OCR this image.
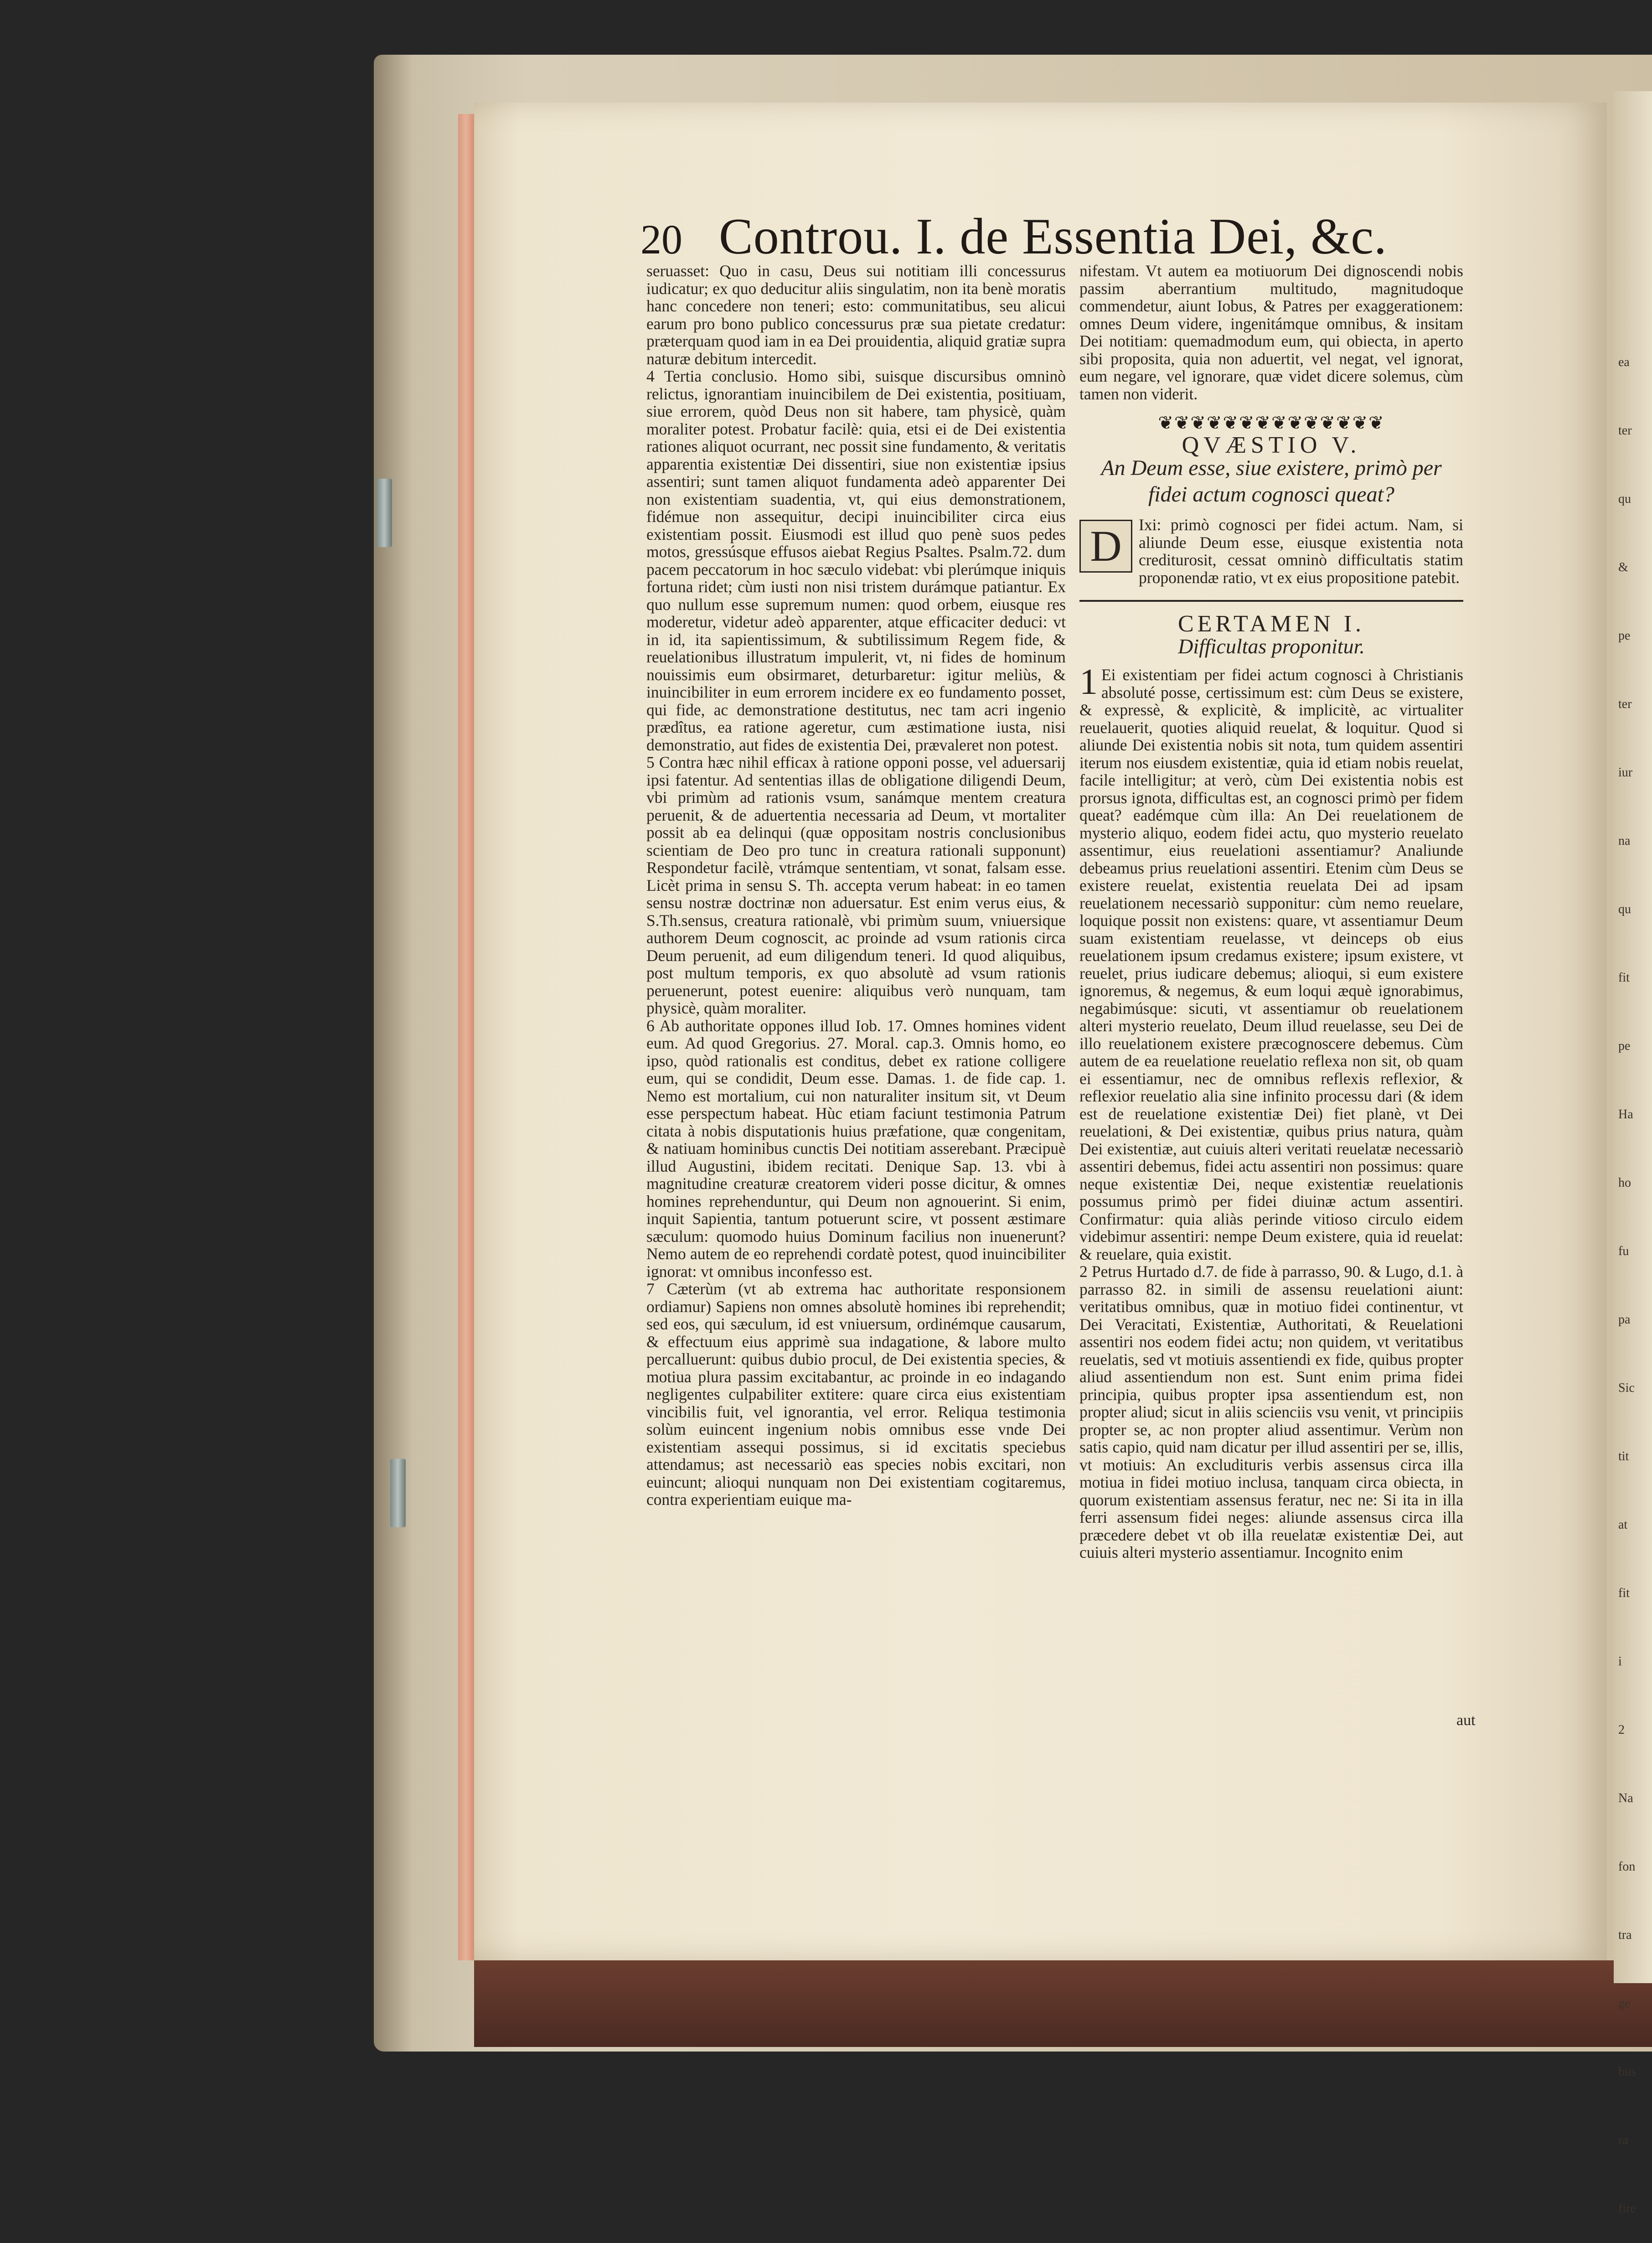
ea
ter
qu
&
pe
ter
iur
na
qu
fit
pe
Ha
ho
fu
pa
Sic
tit
at
fit
i
2
Na
fon
tra
ge
bus
ra
fire
20 Controu. I. de Essentia Dei, &c.

seruasset: Quo in casu, Deus sui notitiam illi concessurus iudicatur; ex quo deducitur aliis singulatim, non ita benè moratis hanc concedere non teneri; esto: communitatibus, seu alicui earum pro bono publico concessurus præ sua pietate credatur: præterquam quod iam in ea Dei prouidentia, aliquid gratiæ supra naturæ debitum intercedit.

4 Tertia conclusio. Homo sibi, suisque discursibus omninò relictus, ignorantiam inuincibilem de Dei existentia, positiuam, siue errorem, quòd Deus non sit habere, tam physicè, quàm moraliter potest. Probatur facilè: quia, etsi ei de Dei existentia rationes aliquot ocurrant, nec possit sine fundamento, & veritatis apparentia existentiæ Dei dissentiri, siue non existentiæ ipsius assentiri; sunt tamen aliquot fundamenta adeò apparenter Dei non existentiam suadentia, vt, qui eius demonstrationem, fidémue non assequitur, decipi inuincibiliter circa eius existentiam possit. Eiusmodi est illud quo penè suos pedes motos, gressúsque effusos aiebat Regius Psaltes. Psalm.72. dum pacem peccatorum in hoc sæculo videbat: vbi plerúmque iniquis fortuna ridet; cùm iusti non nisi tristem durámque patiantur. Ex quo nullum esse supremum numen: quod orbem, eiusque res moderetur, videtur adeò apparenter, atque efficaciter deduci: vt in id, ita sapientissimum, & subtilissimum Regem fide, & reuelationibus illustratum impulerit, vt, ni fides de hominum nouissimis eum obsirmaret, deturbaretur: igitur meliùs, & inuincibiliter in eum errorem incidere ex eo fundamento posset, qui fide, ac demonstratione destitutus, nec tam acri ingenio prædîtus, ea ratione ageretur, cum æstimatione iusta, nisi demonstratio, aut fides de existentia Dei, prævaleret non potest.

5 Contra hæc nihil efficax à ratione opponi posse, vel aduersarij ipsi fatentur. Ad sententias illas de obligatione diligendi Deum, vbi primùm ad rationis vsum, sanámque mentem creatura peruenit, & de aduertentia necessaria ad Deum, vt mortaliter possit ab ea delinqui (quæ oppositam nostris conclusionibus scientiam de Deo pro tunc in creatura rationali supponunt) Respondetur facilè, vtrámque sententiam, vt sonat, falsam esse. Licèt prima in sensu S. Th. accepta verum habeat: in eo tamen sensu nostræ doctrinæ non aduersatur. Est enim verus eius, & S.Th.sensus, creatura rationalè, vbi primùm suum, vniuersique authorem Deum cognoscit, ac proinde ad vsum rationis circa Deum peruenit, ad eum diligendum teneri. Id quod aliquibus, post multum temporis, ex quo absolutè ad vsum rationis peruenerunt, potest euenire: aliquibus verò nunquam, tam physicè, quàm moraliter.

6 Ab authoritate oppones illud Iob. 17. Omnes homines vident eum. Ad quod Gregorius. 27. Moral. cap.3. Omnis homo, eo ipso, quòd rationalis est conditus, debet ex ratione colligere eum, qui se condidit, Deum esse. Damas. 1. de fide cap. 1. Nemo est mortalium, cui non naturaliter insitum sit, vt Deum esse perspectum habeat. Hùc etiam faciunt testimonia Patrum citata à nobis disputationis huius præfatione, quæ congenitam, & natiuam hominibus cunctis Dei notitiam asserebant. Præcipuè illud Augustini, ibidem recitati. Denique Sap. 13. vbi à magnitudine creaturæ creatorem videri posse dicitur, & omnes homines reprehenduntur, qui Deum non agnouerint. Si enim, inquit Sapientia, tantum potuerunt scire, vt possent æstimare sæculum: quomodo huius Dominum facilius non inuenerunt? Nemo autem de eo reprehendi cordatè potest, quod inuincibiliter ignorat: vt omnibus inconfesso est.

7 Cæterùm (vt ab extrema hac authoritate responsionem ordiamur) Sapiens non omnes absolutè homines ibi reprehendit; sed eos, qui sæculum, id est vniuersum, ordinémque causarum, & effectuum eius apprimè sua indagatione, & labore multo percalluerunt: quibus dubio procul, de Dei existentia species, & motiua plura passim excitabantur, ac proinde in eo indagando negligentes culpabiliter extitere: quare circa eius existentiam vincibilis fuit, vel ignorantia, vel error. Reliqua testimonia solùm euincent ingenium nobis omnibus esse vnde Dei existentiam assequi possimus, si id excitatis speciebus attendamus; ast necessariò eas species nobis excitari, non euincunt; alioqui nunquam non Dei existentiam cogitaremus, contra experientiam euique ma-

nifestam. Vt autem ea motiuorum Dei dignoscendi nobis passim aberrantium multitudo, magnitudoque commendetur, aiunt Iobus, & Patres per exaggerationem: omnes Deum videre, ingenitámque omnibus, & insitam Dei notitiam: quemadmodum eum, qui obiecta, in aperto sibi proposita, quia non aduertit, vel negat, vel ignorat, eum negare, vel ignorare, quæ videt dicere solemus, cùm tamen non viderit.

❦❦❦❦❦❦❦❦❦❦❦❦❦❦
QVÆSTIO V.
An Deum esse, siue existere, primò per fidei actum cognosci queat?
D	Ixi: primò cognosci per fidei actum. Nam, si aliunde Deum esse, eiusque existentia nota crediturosit, cessat omninò difficultatis statim proponendæ ratio, vt ex eius propositione patebit.

CERTAMEN I.
Difficultas proponitur.
1 Ei existentiam per fidei actum cognosci à Christianis absoluté posse, certissimum est: cùm Deus se existere, & expressè, & explicitè, & implicitè, ac virtualiter reuelauerit, quoties aliquid reuelat, & loquitur. Quod si aliunde Dei existentia nobis sit nota, tum quidem assentiri iterum nos eiusdem existentiæ, quia id etiam nobis reuelat, facile intelligitur; at verò, cùm Dei existentia nobis est prorsus ignota, difficultas est, an cognosci primò per fidem queat? eadémque cùm illa: An Dei reuelationem de mysterio aliquo, eodem fidei actu, quo mysterio reuelato assentimur, eius reuelationi assentiamur? Analiunde debeamus prius reuelationi assentiri. Etenim cùm Deus se existere reuelat, existentia reuelata Dei ad ipsam reuelationem necessariò supponitur: cùm nemo reuelare, loquique possit non existens: quare, vt assentiamur Deum suam existentiam reuelasse, vt deinceps ob eius reuelationem ipsum credamus existere; ipsum existere, vt reuelet, prius iudicare debemus; alioqui, si eum existere ignoremus, & negemus, & eum loqui æquè ignorabimus, negabimúsque: sicuti, vt assentiamur ob reuelationem alteri mysterio reuelato, Deum illud reuelasse, seu Dei de illo reuelationem existere præcognoscere debemus. Cùm autem de ea reuelatione reuelatio reflexa non sit, ob quam ei essentiamur, nec de omnibus reflexis reflexior, & reflexior reuelatio alia sine infinito processu dari (& idem est de reuelatione existentiæ Dei) fiet planè, vt Dei reuelationi, & Dei existentiæ, quibus prius natura, quàm Dei existentiæ, aut cuiuis alteri veritati reuelatæ necessariò assentiri debemus, fidei actu assentiri non possimus: quare neque existentiæ Dei, neque existentiæ reuelationis possumus primò per fidei diuinæ actum assentiri. Confirmatur: quia aliàs perinde vitioso circulo eidem videbimur assentiri: nempe Deum existere, quia id reuelat: & reuelare, quia existit.

2 Petrus Hurtado d.7. de fide à parrasso, 90. & Lugo, d.1. à parrasso 82. in simili de assensu reuelationi aiunt: veritatibus omnibus, quæ in motiuo fidei continentur, vt Dei Veracitati, Existentiæ, Authoritati, & Reuelationi assentiri nos eodem fidei actu; non quidem, vt veritatibus reuelatis, sed vt motiuis assentiendi ex fide, quibus propter aliud assentiendum non est. Sunt enim prima fidei principia, quibus propter ipsa assentiendum est, non propter aliud; sicut in aliis scienciis vsu venit, vt principiis propter se, ac non propter aliud assentimur. Verùm non satis capio, quid nam dicatur per illud assentiri per se, illis, vt motiuis: An excludituris verbis assensus circa illa motiua in fidei motiuo inclusa, tanquam circa obiecta, in quorum existentiam assensus feratur, nec ne: Si ita in illa ferri assensum fidei neges: aliunde assensus circa illa præcedere debet vt ob illa reuelatæ existentiæ Dei, aut cuiuis alteri mysterio assentiamur. Incognito enim

aut
